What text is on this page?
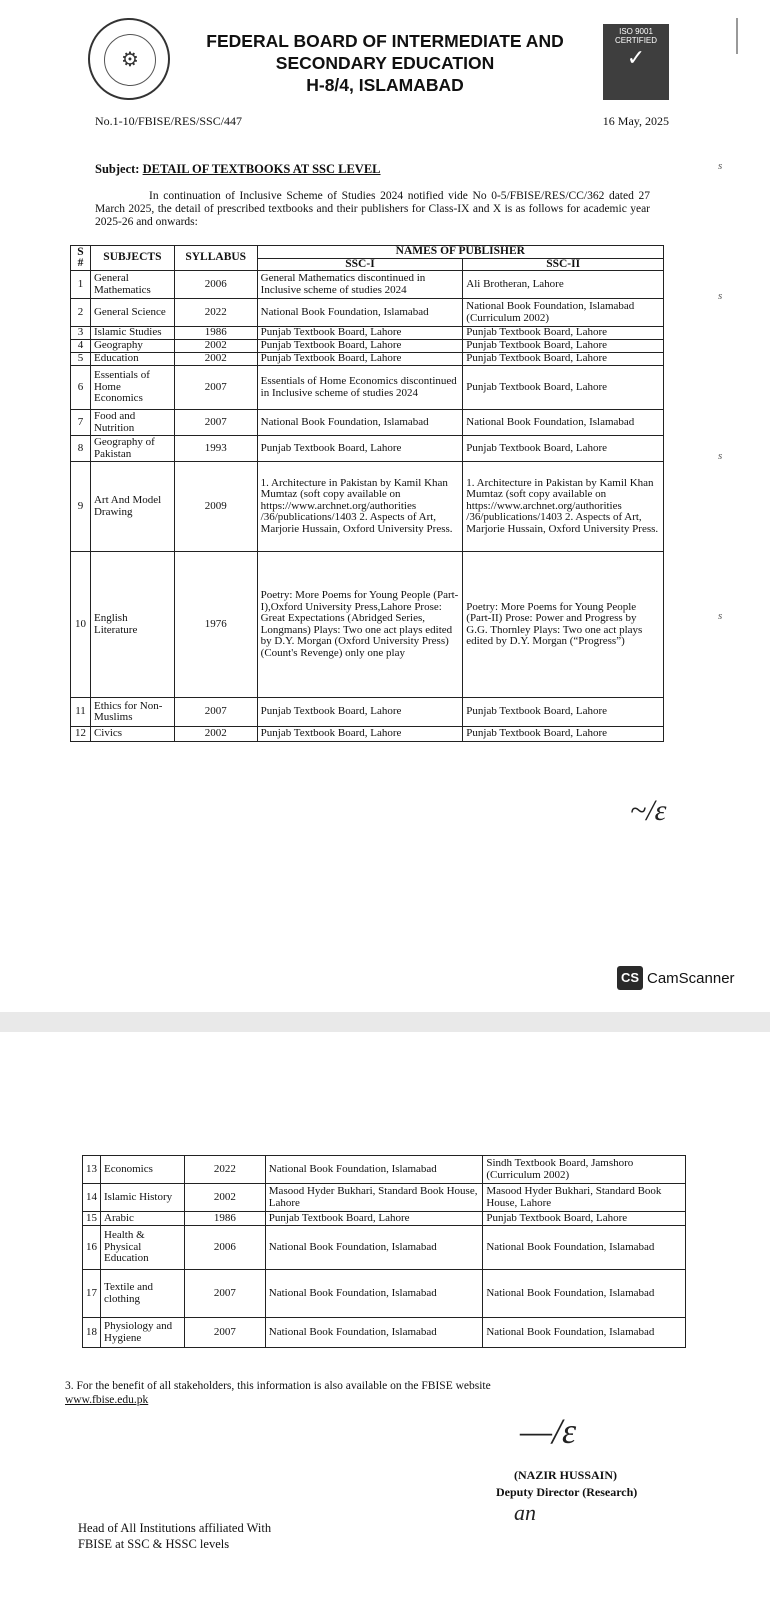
⚙
FEDERAL BOARD OF INTERMEDIATE AND
SECONDARY EDUCATION
H-8/4, ISLAMABAD
ISO 9001 CERTIFIED
✓
No.1-10/FBISE/RES/SSC/447	16 May, 2025
Subject: DETAIL OF TEXTBOOKS AT SSC LEVEL
In continuation of Inclusive Scheme of Studies 2024 notified vide No 0-5/FBISE/RES/CC/362 dated 27 March 2025, the detail of prescribed textbooks and their publishers for Class-IX and X is as follows for academic year 2025-26 and onwards:
S #	SUBJECTS	SYLLABUS	NAMES OF PUBLISHER	
			SSC-I	SSC-II
1	General Mathematics	2006	General Mathematics discontinued in Inclusive scheme of studies 2024	Ali Brotheran, Lahore
2	General Science	2022	National Book Foundation, Islamabad	National Book Foundation, Islamabad (Curriculum 2002)
3	Islamic Studies	1986	Punjab Textbook Board, Lahore	Punjab Textbook Board, Lahore
4	Geography	2002	Punjab Textbook Board, Lahore	Punjab Textbook Board, Lahore
5	Education	2002	Punjab Textbook Board, Lahore	Punjab Textbook Board, Lahore
6	Essentials of Home Economics	2007	Essentials of Home Economics discontinued in Inclusive scheme of studies 2024	Punjab Textbook Board, Lahore
7	Food and Nutrition	2007	National Book Foundation, Islamabad	National Book Foundation, Islamabad
8	Geography of Pakistan	1993	Punjab Textbook Board, Lahore	Punjab Textbook Board, Lahore
9	Art And Model Drawing	2009	1. Architecture in Pakistan by Kamil Khan Mumtaz (soft copy available on https://www.archnet.org/authorities /36/publications/1403 2. Aspects of Art, Marjorie Hussain, Oxford University Press.	1. Architecture in Pakistan by Kamil Khan Mumtaz (soft copy available on https://www.archnet.org/authorities /36/publications/1403 2. Aspects of Art, Marjorie Hussain, Oxford University Press.
10	English Literature	1976	Poetry: More Poems for Young People (Part-I),Oxford University Press,Lahore Prose: Great Expectations (Abridged Series, Longmans) Plays: Two one act plays edited by D.Y. Morgan (Oxford University Press) (Count's Revenge) only one play	Poetry: More Poems for Young People (Part-II) Prose: Power and Progress by G.G. Thornley Plays: Two one act plays edited by D.Y. Morgan (“Progress”)
11	Ethics for Non-Muslims	2007	Punjab Textbook Board, Lahore	Punjab Textbook Board, Lahore
12	Civics	2002	Punjab Textbook Board, Lahore	Punjab Textbook Board, Lahore
~/ɛ
s
s
s
s
CS CamScanner
13	Economics	2022	National Book Foundation, Islamabad	Sindh Textbook Board, Jamshoro (Curriculum 2002)
14	Islamic History	2002	Masood Hyder Bukhari, Standard Book House, Lahore	Masood Hyder Bukhari, Standard Book House, Lahore
15	Arabic	1986	Punjab Textbook Board, Lahore	Punjab Textbook Board, Lahore
16	Health & Physical Education	2006	National Book Foundation, Islamabad	National Book Foundation, Islamabad
17	Textile and clothing	2007	National Book Foundation, Islamabad	National Book Foundation, Islamabad
18	Physiology and Hygiene	2007	National Book Foundation, Islamabad	National Book Foundation, Islamabad
3. For the benefit of all stakeholders, this information is also available on the FBISE website
www.fbise.edu.pk
—/ɛ
(NAZIR HUSSAIN)
Deputy Director (Research)
an
Head of All Institutions affiliated With
FBISE at SSC & HSSC levels
